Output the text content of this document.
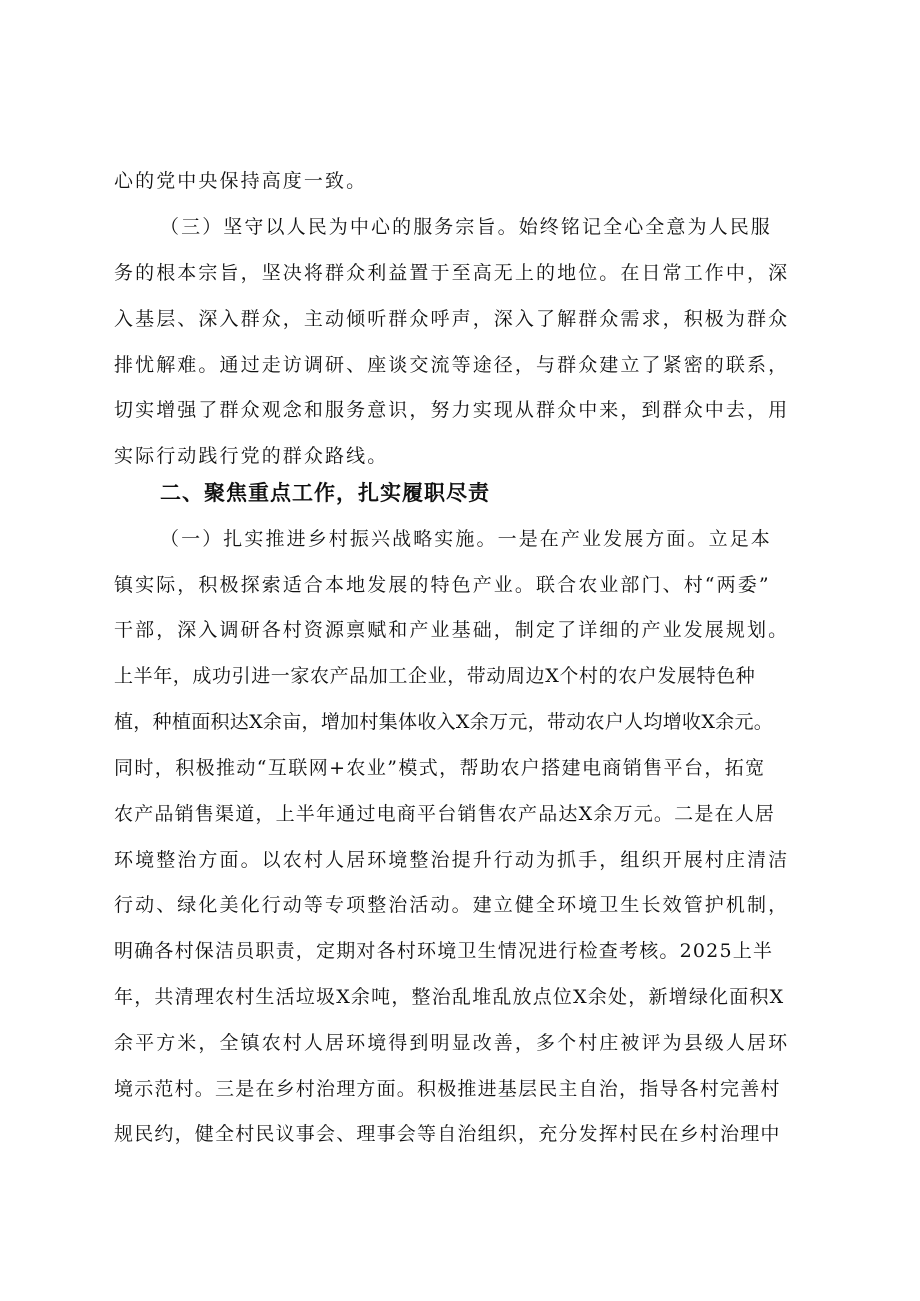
心的党中央保持高度一致。
（三）坚守以人民为中心的服务宗旨。始终铭记全心全意为人民服
务的根本宗旨，坚决将群众利益置于至高无上的地位。在日常工作中，深
入基层、深入群众，主动倾听群众呼声，深入了解群众需求，积极为群众
排忧解难。通过走访调研、座谈交流等途径，与群众建立了紧密的联系，
切实增强了群众观念和服务意识，努力实现从群众中来，到群众中去，用
实际行动践行党的群众路线。
二、聚焦重点工作，扎实履职尽责
（一）扎实推进乡村振兴战略实施。一是在产业发展方面。立足本
镇实际，积极探索适合本地发展的特色产业。联合农业部门、村“两委”
干部，深入调研各村资源禀赋和产业基础，制定了详细的产业发展规划。
上半年，成功引进一家农产品加工企业，带动周边X个村的农户发展特色种
植，种植面积达X余亩，增加村集体收入X余万元，带动农户人均增收X余元。
同时，积极推动“互联网+农业”模式，帮助农户搭建电商销售平台，拓宽
农产品销售渠道，上半年通过电商平台销售农产品达X余万元。二是在人居
环境整治方面。以农村人居环境整治提升行动为抓手，组织开展村庄清洁
行动、绿化美化行动等专项整治活动。建立健全环境卫生长效管护机制，
明确各村保洁员职责，定期对各村环境卫生情况进行检查考核。2025上半
年，共清理农村生活垃圾X余吨，整治乱堆乱放点位X余处，新增绿化面积X
余平方米，全镇农村人居环境得到明显改善，多个村庄被评为县级人居环
境示范村。三是在乡村治理方面。积极推进基层民主自治，指导各村完善村
规民约，健全村民议事会、理事会等自治组织，充分发挥村民在乡村治理中
